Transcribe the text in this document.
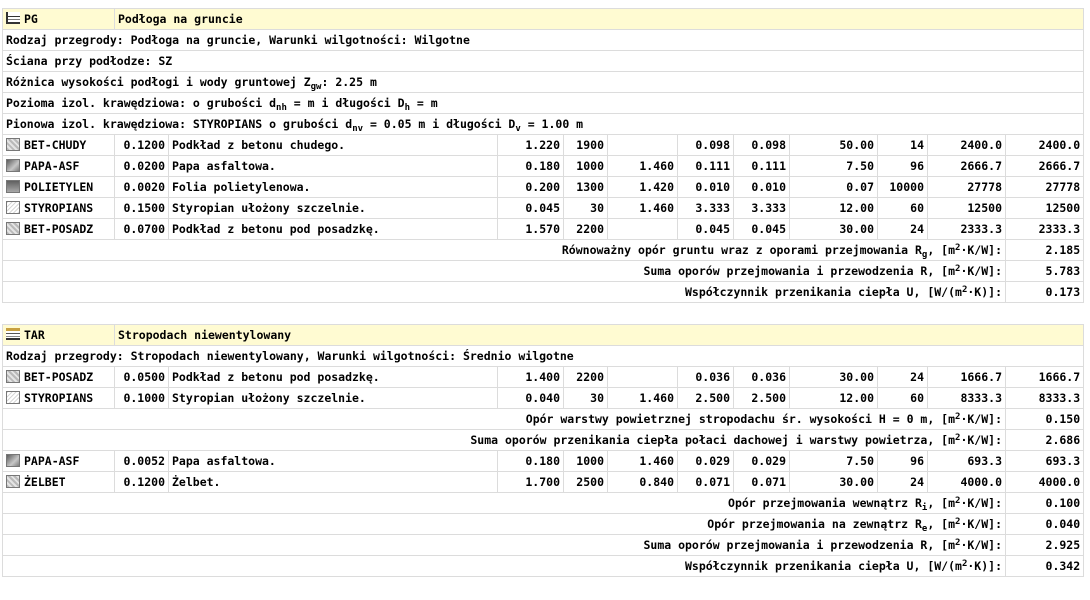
PG	Podłoga na gruncie										
Rodzaj przegrody: Podłoga na gruncie, Warunki wilgotności: Wilgotne											
Ściana przy podłodze: SZ											
Różnica wysokości podłogi i wody gruntowej $Z_{gw}$: 2.25 m											
Pozioma izol. krawędziowa: o grubości $d_{nh} = m$ i długości $D_h = m$											
Pionowa izol. krawędziowa: STYROPIANS o grubości $d_{nv} = 0.05$ m i długości $D_v = 1.00$ m											
BET-CHUDY	0.1200	Podkład z betonu chudego.	1.220	1900		0.098	0.098	50.00	14	2400.0	2400.0
PAPA-ASF	0.0200	Papa asfaltowa.	0.180	1000	1.460	0.111	0.111	7.50	96	2666.7	2666.7
POLIETYLEN	0.0020	Folia polietylenowa.	0.200	1300	1.420	0.010	0.010	0.07	10000	27778	27778
STYROPIANS	0.1500	Styropian ułożony szczelnie.	0.045	30	1.460	3.333	3.333	12.00	60	12500	12500
BET-POSADZ	0.0700	Podkład z betonu pod posadzkę.	1.570	2200		0.045	0.045	30.00	24	2333.3	2333.3
Równoważny opór gruntu wraz z oporami przejmowania $R_g$, $[m^2\cdot K/W]$:											2.185
Suma oporów przejmowania i przewodzenia R, $[m^2\cdot K/W]$:											5.783
Współczynnik przenikania ciepła U, $[W/(m^2\cdot K)]$:											0.173
TAR	Stropodach niewentylowany										
Rodzaj przegrody: Stropodach niewentylowany, Warunki wilgotności: Średnio wilgotne											
BET-POSADZ	0.0500	Podkład z betonu pod posadzkę.	1.400	2200		0.036	0.036	30.00	24	1666.7	1666.7
STYROPIANS	0.1000	Styropian ułożony szczelnie.	0.040	30	1.460	2.500	2.500	12.00	60	8333.3	8333.3
Opór warstwy powietrznej stropodachu śr. wysokości H = 0 m, $[m^2\cdot K/W]$:											0.150
Suma oporów przenikania ciepła połaci dachowej i warstwy powietrza, $[m^2\cdot K/W]$:											2.686
PAPA-ASF	0.0052	Papa asfaltowa.	0.180	1000	1.460	0.029	0.029	7.50	96	693.3	693.3
ŻELBET	0.1200	Żelbet.	1.700	2500	0.840	0.071	0.071	30.00	24	4000.0	4000.0
Opór przejmowania wewnątrz $R_i$, $[m^2\cdot K/W]$:											0.100
Opór przejmowania na zewnątrz $R_e$, $[m^2\cdot K/W]$:											0.040
Suma oporów przejmowania i przewodzenia R, $[m^2\cdot K/W]$:											2.925
Współczynnik przenikania ciepła U, $[W/(m^2\cdot K)]$:											0.342
